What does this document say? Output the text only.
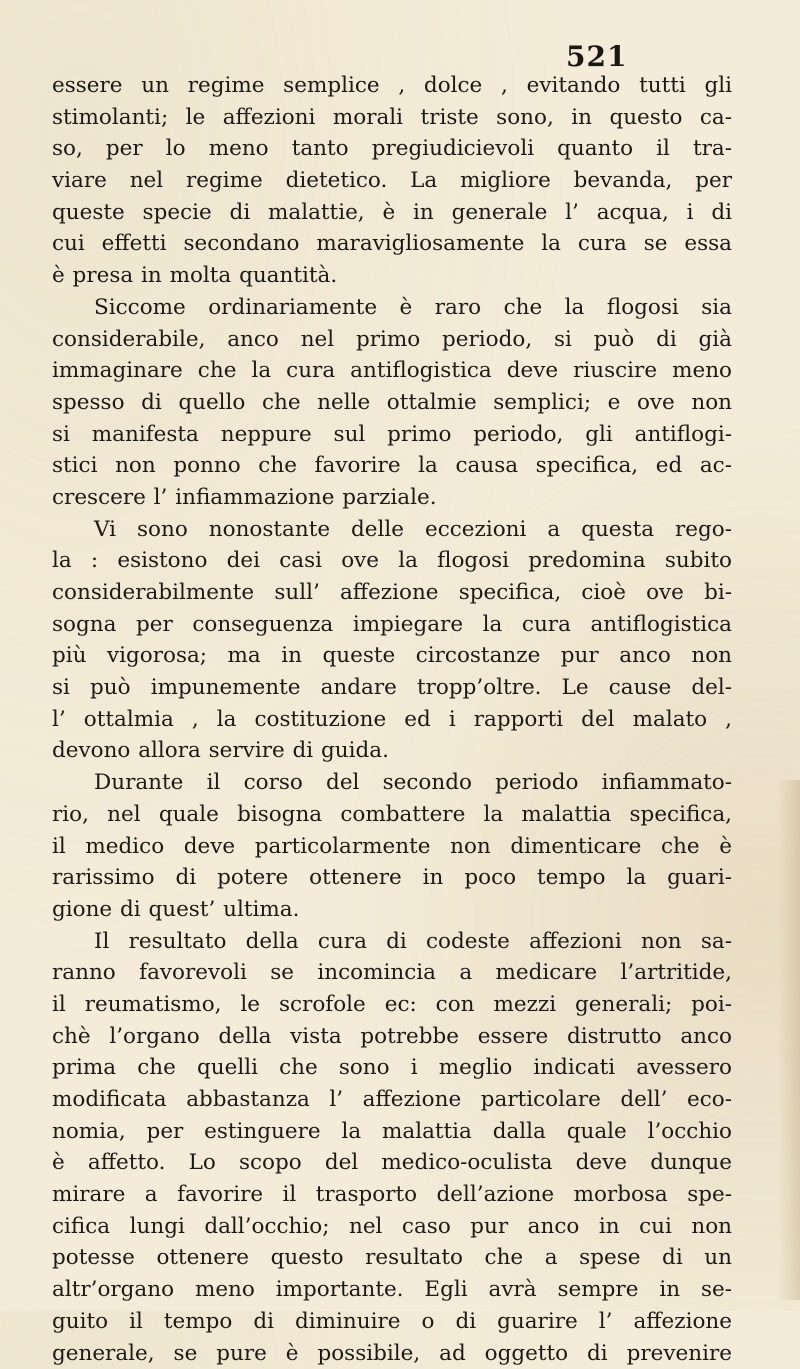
521
essere un regime semplice , dolce , evitando tutti gli
stimolanti; le affezioni morali triste sono, in questo ca-
so, per lo meno tanto pregiudicievoli quanto il tra-
viare nel regime dietetico. La migliore bevanda, per
queste specie di malattie, è in generale l’ acqua, i di
cui effetti secondano maravigliosamente la cura se essa
è presa in molta quantità.
Siccome ordinariamente è raro che la flogosi sia
considerabile, anco nel primo periodo, si può di già
immaginare che la cura antiflogistica deve riuscire meno
spesso di quello che nelle ottalmie semplici; e ove non
si manifesta neppure sul primo periodo, gli antiflogi-
stici non ponno che favorire la causa specifica, ed ac-
crescere l’ infiammazione parziale.
Vi sono nonostante delle eccezioni a questa rego-
la : esistono dei casi ove la flogosi predomina subito
considerabilmente sull’ affezione specifica, cioè ove bi-
sogna per conseguenza impiegare la cura antiflogistica
più vigorosa; ma in queste circostanze pur anco non
si può impunemente andare tropp’oltre. Le cause del-
l’ ottalmia , la costituzione ed i rapporti del malato ,
devono allora servire di guida.
Durante il corso del secondo periodo infiammato-
rio, nel quale bisogna combattere la malattia specifica,
il medico deve particolarmente non dimenticare che è
rarissimo di potere ottenere in poco tempo la guari-
gione di quest’ ultima.
Il resultato della cura di codeste affezioni non sa-
ranno favorevoli se incomincia a medicare l’artritide,
il reumatismo, le scrofole ec: con mezzi generali; poi-
chè l’organo della vista potrebbe essere distrutto anco
prima che quelli che sono i meglio indicati avessero
modificata abbastanza l’ affezione particolare dell’ eco-
nomia, per estinguere la malattia dalla quale l’occhio
è affetto. Lo scopo del medico-oculista deve dunque
mirare a favorire il trasporto dell’azione morbosa spe-
cifica lungi dall’occhio; nel caso pur anco in cui non
potesse ottenere questo resultato che a spese di un
altr’organo meno importante. Egli avrà sempre in se-
guito il tempo di diminuire o di guarire l’ affezione
generale, se pure è possibile, ad oggetto di prevenire
